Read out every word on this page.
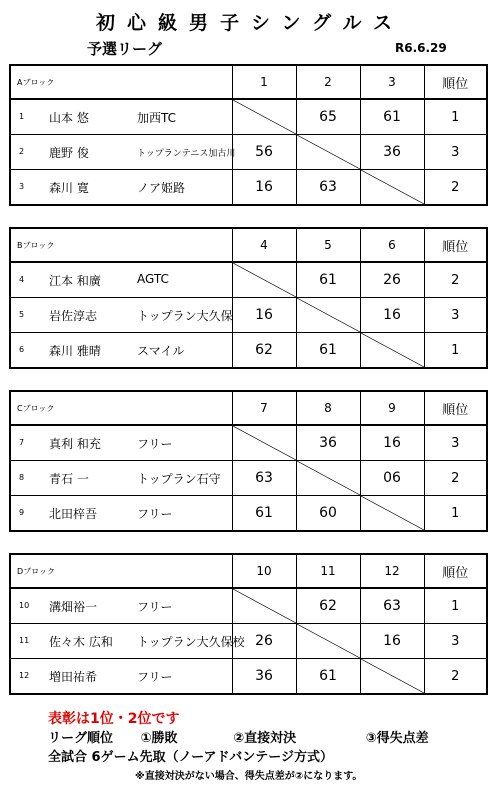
初心級男子シングルス
予選リーグ	R6.6.29
Aブロック	1	2	3	順位

1 山本 悠 加西TC		65	61	1

2 鹿野 俊 トップランテニス加古川	56		36	3

3 森川 寛 ノア姫路	16	63		2
Bブロック	4	5	6	順位

4 江本 和廣 AGTC		61	26	2

5 岩佐淳志 トップラン大久保	16		16	3

6 森川 雅晴 スマイル	62	61		1
Cブロック	7	8	9	順位

7 真利 和充 フリー		36	16	3

8 青石 一 トップラン石守	63		06	2

9 北田梓吾 フリー	61	60		1
Dブロック	10	11	12	順位

10 溝畑裕一 フリー		62	63	1

11 佐々木 広和 トップラン大久保校	26		16	3

12 増田祐希 フリー	36	61		2
表彰は1位・2位です
リーグ順位 ①勝敗	②直接対決	③得失点差
全試合 6ゲーム先取（ノーアドバンテージ方式）
※直接対決がない場合、得失点差が②になります。
